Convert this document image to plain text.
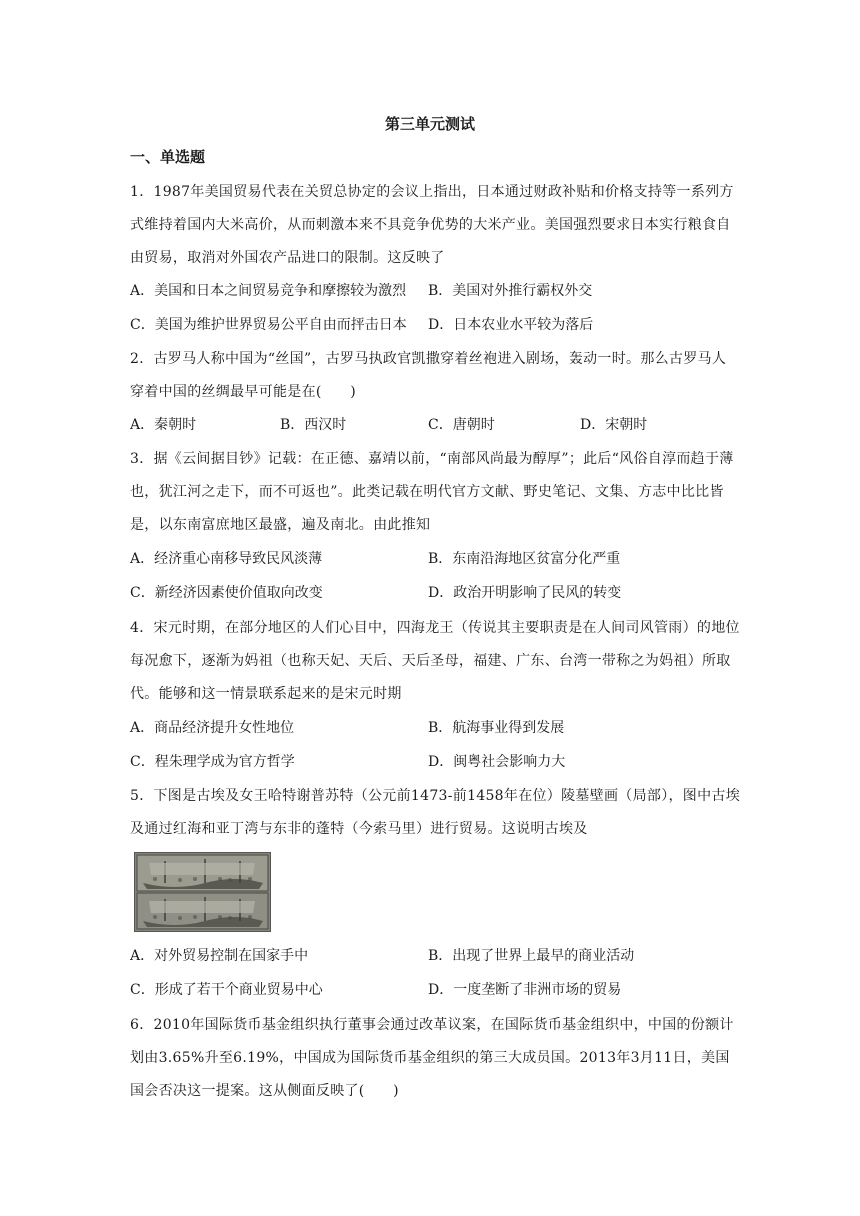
第三单元测试
一、单选题
1．1987年美国贸易代表在关贸总协定的会议上指出，日本通过财政补贴和价格支持等一系列方式维持着国内大米高价，从而刺激本来不具竞争优势的大米产业。美国强烈要求日本实行粮食自由贸易，取消对外国农产品进口的限制。这反映了
A．美国和日本之间贸易竞争和摩擦较为激烈 B．美国对外推行霸权外交
C．美国为维护世界贸易公平自由而抨击日本 D．日本农业水平较为落后
2．古罗马人称中国为“丝国”，古罗马执政官凯撒穿着丝袍进入剧场，轰动一时。那么古罗马人穿着中国的丝绸最早可能是在(　　)
A．秦朝时	B．西汉时	C．唐朝时	D．宋朝时
3．据《云间据目钞》记载：在正德、嘉靖以前，“南部风尚最为醇厚”；此后“风俗自淳而趋于薄也，犹江河之走下，而不可返也”。此类记载在明代官方文献、野史笔记、文集、方志中比比皆是，以东南富庶地区最盛，遍及南北。由此推知
A．经济重心南移导致民风淡薄	B．东南沿海地区贫富分化严重
C．新经济因素使价值取向改变	D．政治开明影响了民风的转变
4．宋元时期，在部分地区的人们心目中，四海龙王（传说其主要职责是在人间司风管雨）的地位每况愈下，逐渐为妈祖（也称天妃、天后、天后圣母，福建、广东、台湾一带称之为妈祖）所取代。能够和这一情景联系起来的是宋元时期
A．商品经济提升女性地位	B．航海事业得到发展
C．程朱理学成为官方哲学	D．闽粤社会影响力大
5．下图是古埃及女王哈特谢普苏特（公元前1473-前1458年在位）陵墓壁画（局部），图中古埃及通过红海和亚丁湾与东非的蓬特（今索马里）进行贸易。这说明古埃及
A．对外贸易控制在国家手中	B．出现了世界上最早的商业活动
C．形成了若干个商业贸易中心	D．一度垄断了非洲市场的贸易
6．2010年国际货币基金组织执行董事会通过改革议案，在国际货币基金组织中，中国的份额计划由3.65%升至6.19%，中国成为国际货币基金组织的第三大成员国。2013年3月11日，美国国会否决这一提案。这从侧面反映了(　　)
